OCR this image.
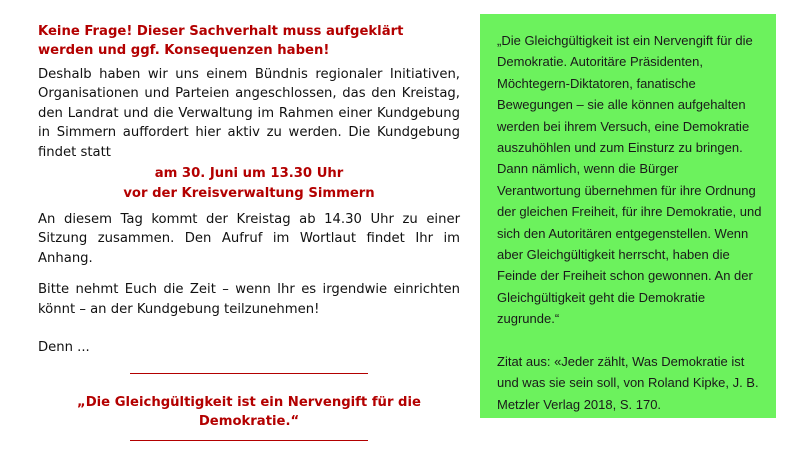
Keine Frage! Dieser Sachverhalt muss aufgeklärt werden und ggf. Konsequenzen haben!

Deshalb haben wir uns einem Bündnis regionaler Initiativen, Organisationen und Parteien angeschlossen, das den Kreistag, den Landrat und die Verwaltung im Rahmen einer Kundgebung in Simmern auffordert hier aktiv zu werden. Die Kundgebung findet statt

am 30. Juni um 13.30 Uhr
vor der Kreisverwaltung Simmern

An diesem Tag kommt der Kreistag ab 14.30 Uhr zu einer Sitzung zusammen. Den Aufruf im Wortlaut findet Ihr im Anhang.

Bitte nehmt Euch die Zeit – wenn Ihr es irgendwie einrichten könnt – an der Kundgebung teilzunehmen!

Denn ...
„Die Gleichgültigkeit ist ein Nervengift für die Demokratie.“

„Die Gleichgültigkeit ist ein Nervengift für die Demokratie. Autoritäre Präsidenten, Möchtegern-Diktatoren, fanatische Bewegungen – sie alle können aufgehalten werden bei ihrem Versuch, eine Demokratie auszuhöhlen und zum Einsturz zu bringen. Dann nämlich, wenn die Bürger Verantwortung übernehmen für ihre Ordnung der gleichen Freiheit, für ihre Demokratie, und sich den Autoritären entgegenstellen. Wenn aber Gleichgültigkeit herrscht, haben die Feinde der Freiheit schon gewonnen. An der Gleichgültigkeit geht die Demokratie zugrunde.“

Zitat aus: «Jeder zählt, Was Demokratie ist und was sie sein soll, von Roland Kipke, J. B. Metzler Verlag 2018, S. 170.
